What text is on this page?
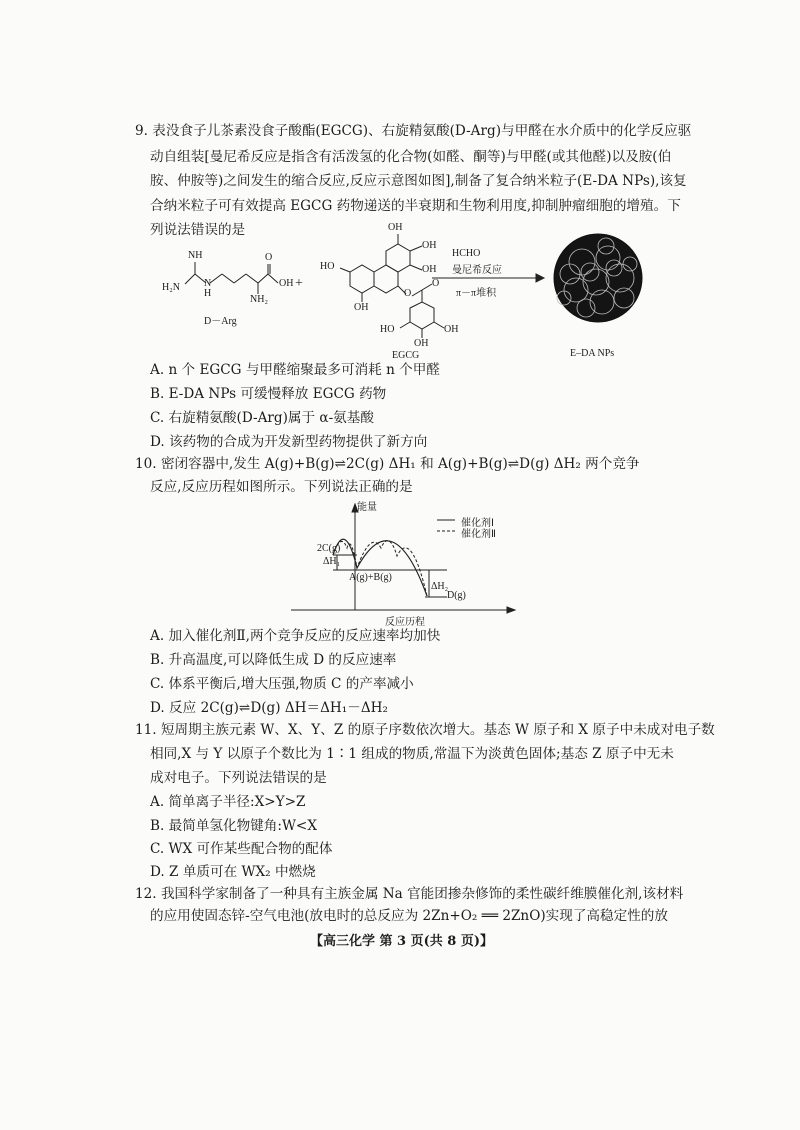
9. 表没食子儿茶素没食子酸酯(EGCG)、右旋精氨酸(D-Arg)与甲醛在水介质中的化学反应驱
动自组装[曼尼希反应是指含有活泼氢的化合物(如醛、酮等)与甲醛(或其他醛)以及胺(伯
胺、仲胺等)之间发生的缩合反应,反应示意图如图],制备了复合纳米粒子(E-DA NPs),该复
合纳米粒子可有效提高 EGCG 药物递送的半衰期和生物利用度,抑制肿瘤细胞的增殖。下
列说法错误的是
NH
H₂N N
H
O
OH
NH₂
+
OH
OH
OH
HO
OH
O
O
HO
OH
OH
D－Arg
EGCG
HCHO
曼尼希反应
π－π堆积
E–DA NPs
A. n 个 EGCG 与甲醛缩聚最多可消耗 n 个甲醛
B. E-DA NPs 可缓慢释放 EGCG 药物
C. 右旋精氨酸(D-Arg)属于 α-氨基酸
D. 该药物的合成为开发新型药物提供了新方向
10. 密闭容器中,发生 A(g)+B(g)⇌2C(g) ΔH₁ 和 A(g)+B(g)⇌D(g) ΔH₂ 两个竞争
反应,反应历程如图所示。下列说法正确的是
能量
反应历程
催化剂Ⅰ
催化剂Ⅱ
2C(g)
ΔH₁
A(g)+B(g)
ΔH₂
D(g)
A. 加入催化剂Ⅱ,两个竞争反应的反应速率均加快
B. 升高温度,可以降低生成 D 的反应速率
C. 体系平衡后,增大压强,物质 C 的产率减小
D. 反应 2C(g)⇌D(g) ΔH＝ΔH₁－ΔH₂
11. 短周期主族元素 W、X、Y、Z 的原子序数依次增大。基态 W 原子和 X 原子中未成对电子数
相同,X 与 Y 以原子个数比为 1∶1 组成的物质,常温下为淡黄色固体;基态 Z 原子中无未
成对电子。下列说法错误的是
A. 简单离子半径:X>Y>Z
B. 最简单氢化物键角:W<X
C. WX 可作某些配合物的配体
D. Z 单质可在 WX₂ 中燃烧
12. 我国科学家制备了一种具有主族金属 Na 官能团掺杂修饰的柔性碳纤维膜催化剂,该材料
【高三化学 第 3 页(共 8 页)】
的应用使固态锌-空气电池(放电时的总反应为 2Zn+O₂ ══ 2ZnO)实现了高稳定性的放
